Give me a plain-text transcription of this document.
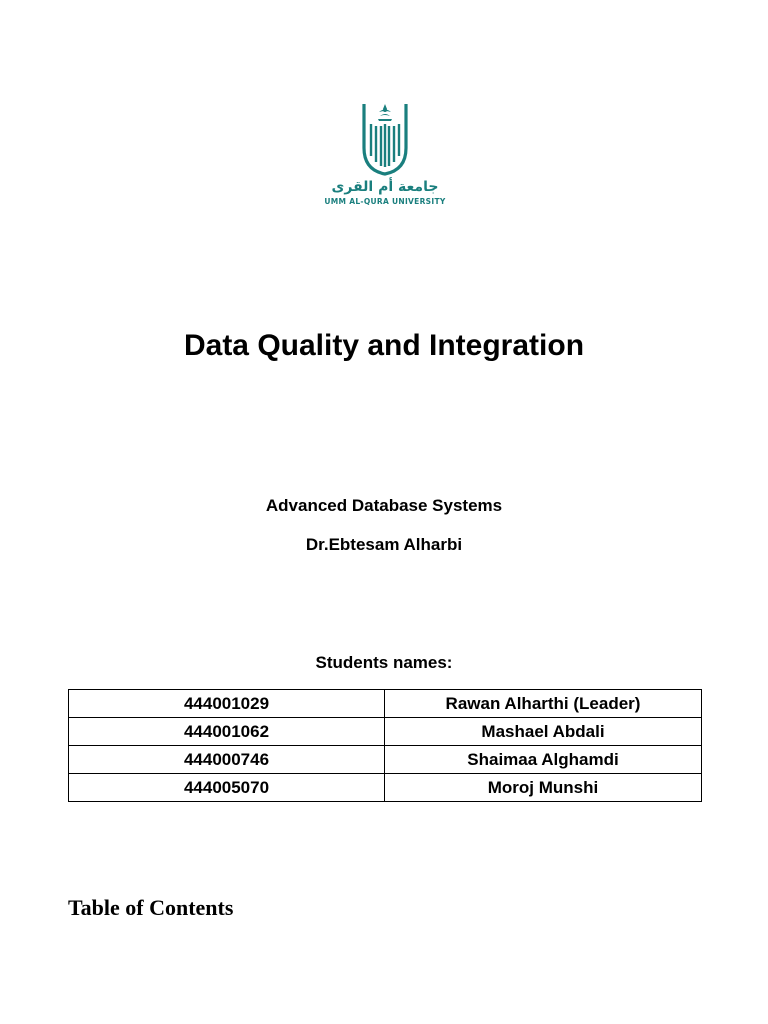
جامعة أم القرى
UMM AL-QURA UNIVERSITY
Data Quality and Integration
Advanced Database Systems
Dr.Ebtesam Alharbi
Students names:
444001029	Rawan Alharthi (Leader)
444001062	Mashael Abdali
444000746	Shaimaa Alghamdi
444005070	Moroj Munshi
Table of Contents
